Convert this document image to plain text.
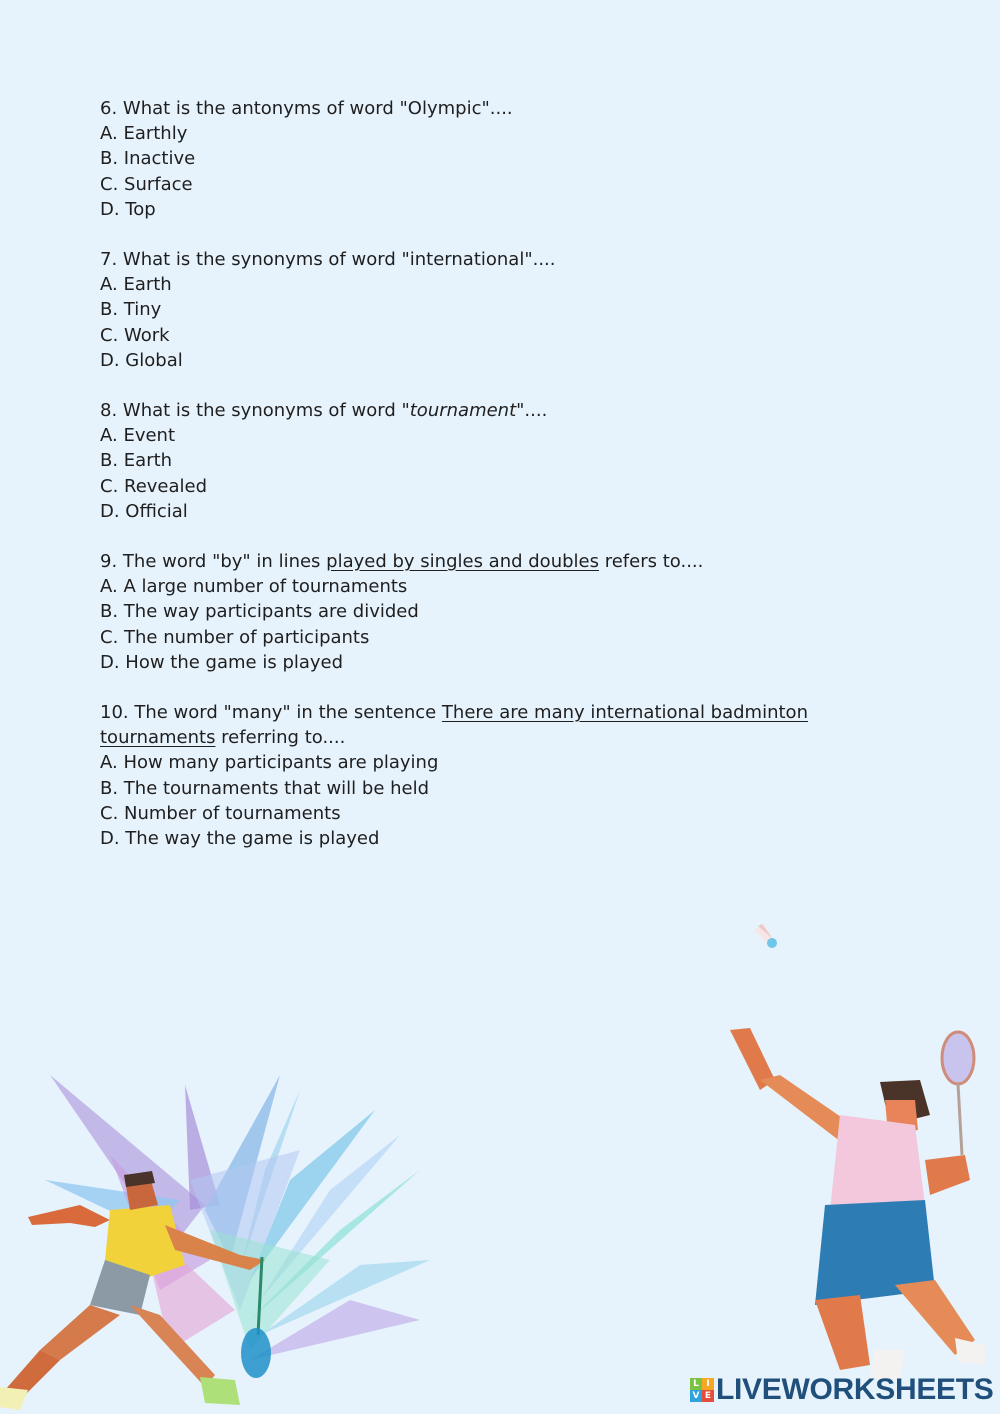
6. What is the antonyms of word "Olympic"....
A. Earthly
B. Inactive
C. Surface
D. Top
7. What is the synonyms of word "international"....
A. Earth
B. Tiny
C. Work
D. Global
8. What is the synonyms of word "tournament"....
A. Event
B. Earth
C. Revealed
D. Official
9. The word "by" in lines played by singles and doubles refers to....
A. A large number of tournaments
B. The way participants are divided
C. The number of participants
D. How the game is played
10. The word "many" in the sentence There are many international badminton
tournaments referring to....
A. How many participants are playing
B. The tournaments that will be held
C. Number of tournaments
D. The way the game is played
L I
V E LIVEWORKSHEETS
